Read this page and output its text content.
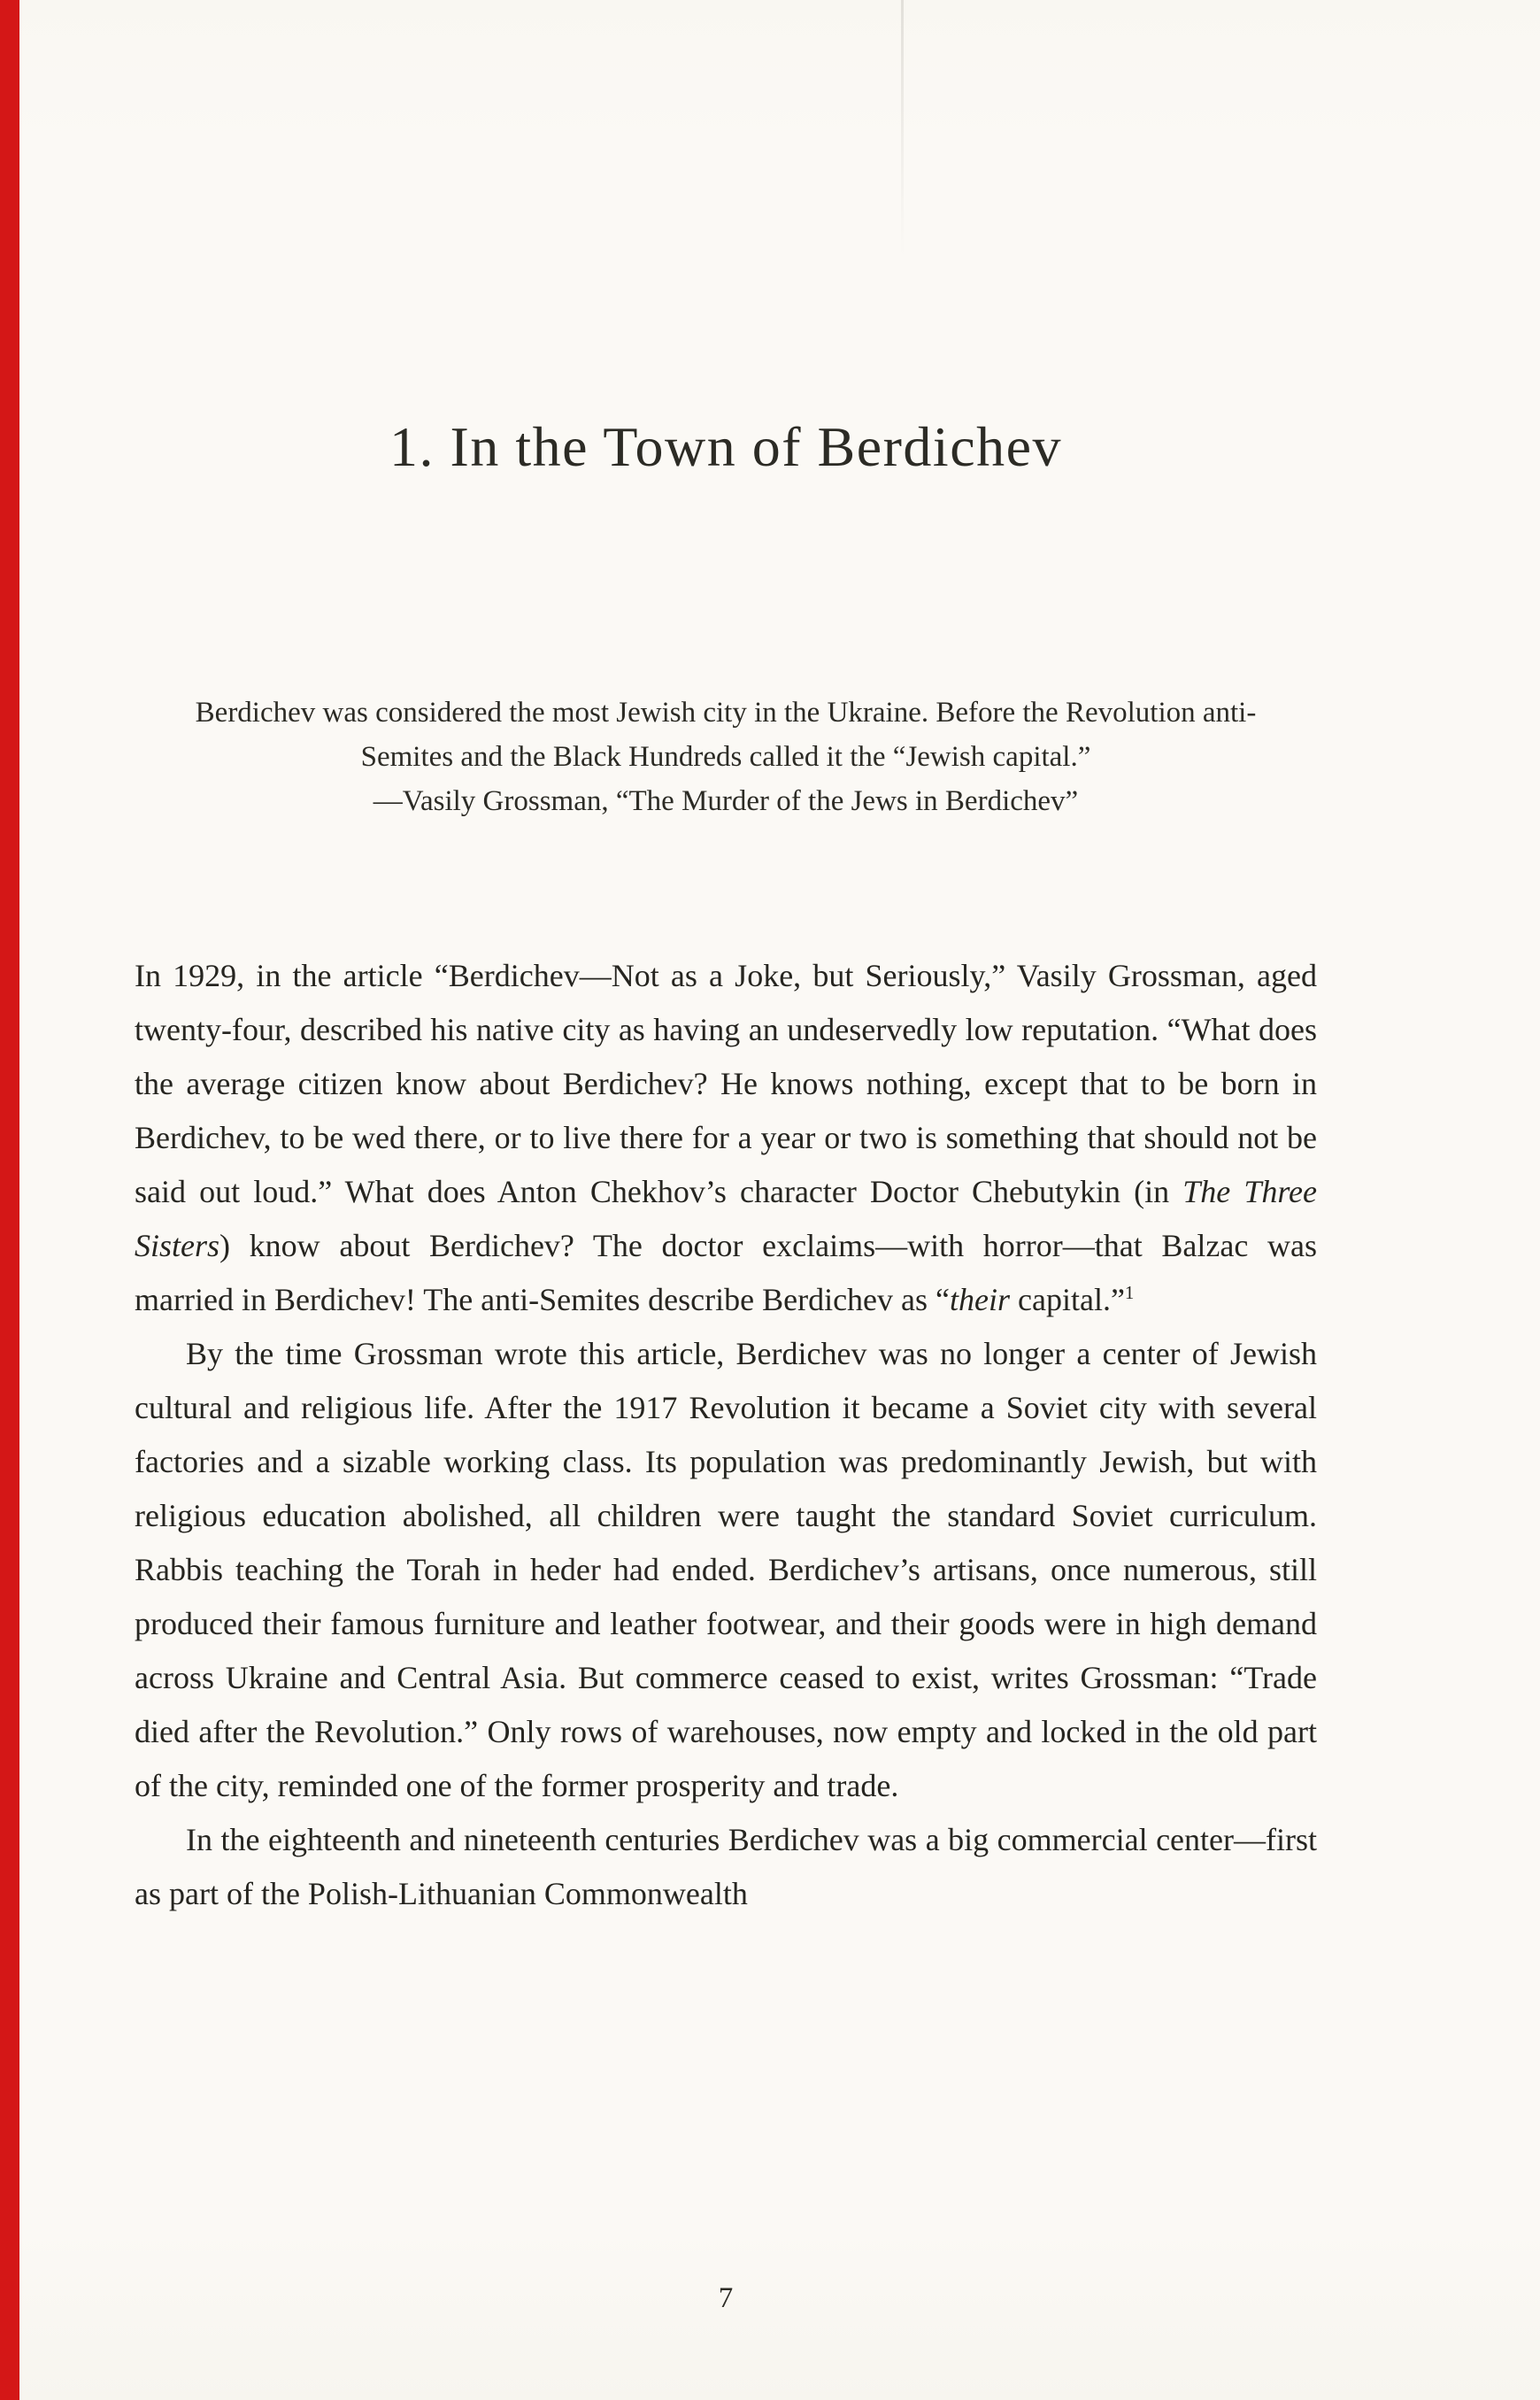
1. In the Town of Berdichev
Berdichev was considered the most Jewish city in the Ukraine. Before the Revolution anti-Semites and the Black Hundreds called it the “Jewish capital.”
—Vasily Grossman, “The Murder of the Jews in Berdichev”

In 1929, in the article “Berdichev—Not as a Joke, but Seriously,” Vasily Grossman, aged twenty-four, described his native city as having an undeservedly low reputation. “What does the average citizen know about Berdichev? He knows nothing, except that to be born in Berdichev, to be wed there, or to live there for a year or two is something that should not be said out loud.” What does Anton Chekhov’s character Doctor Chebutykin (in The Three Sisters) know about Berdichev? The doctor exclaims—with horror—that Balzac was married in Berdichev! The anti-Semites describe Berdichev as “their capital.”$^1$

By the time Grossman wrote this article, Berdichev was no longer a center of Jewish cultural and religious life. After the 1917 Revolution it became a Soviet city with several factories and a sizable working class. Its population was predominantly Jewish, but with religious education abolished, all children were taught the standard Soviet curriculum. Rabbis teaching the Torah in heder had ended. Berdichev’s artisans, once numerous, still produced their famous furniture and leather footwear, and their goods were in high demand across Ukraine and Central Asia. But commerce ceased to exist, writes Grossman: “Trade died after the Revolution.” Only rows of warehouses, now empty and locked in the old part of the city, reminded one of the former prosperity and trade.

In the eighteenth and nineteenth centuries Berdichev was a big commercial center—first as part of the Polish-Lithuanian Commonwealth

7
